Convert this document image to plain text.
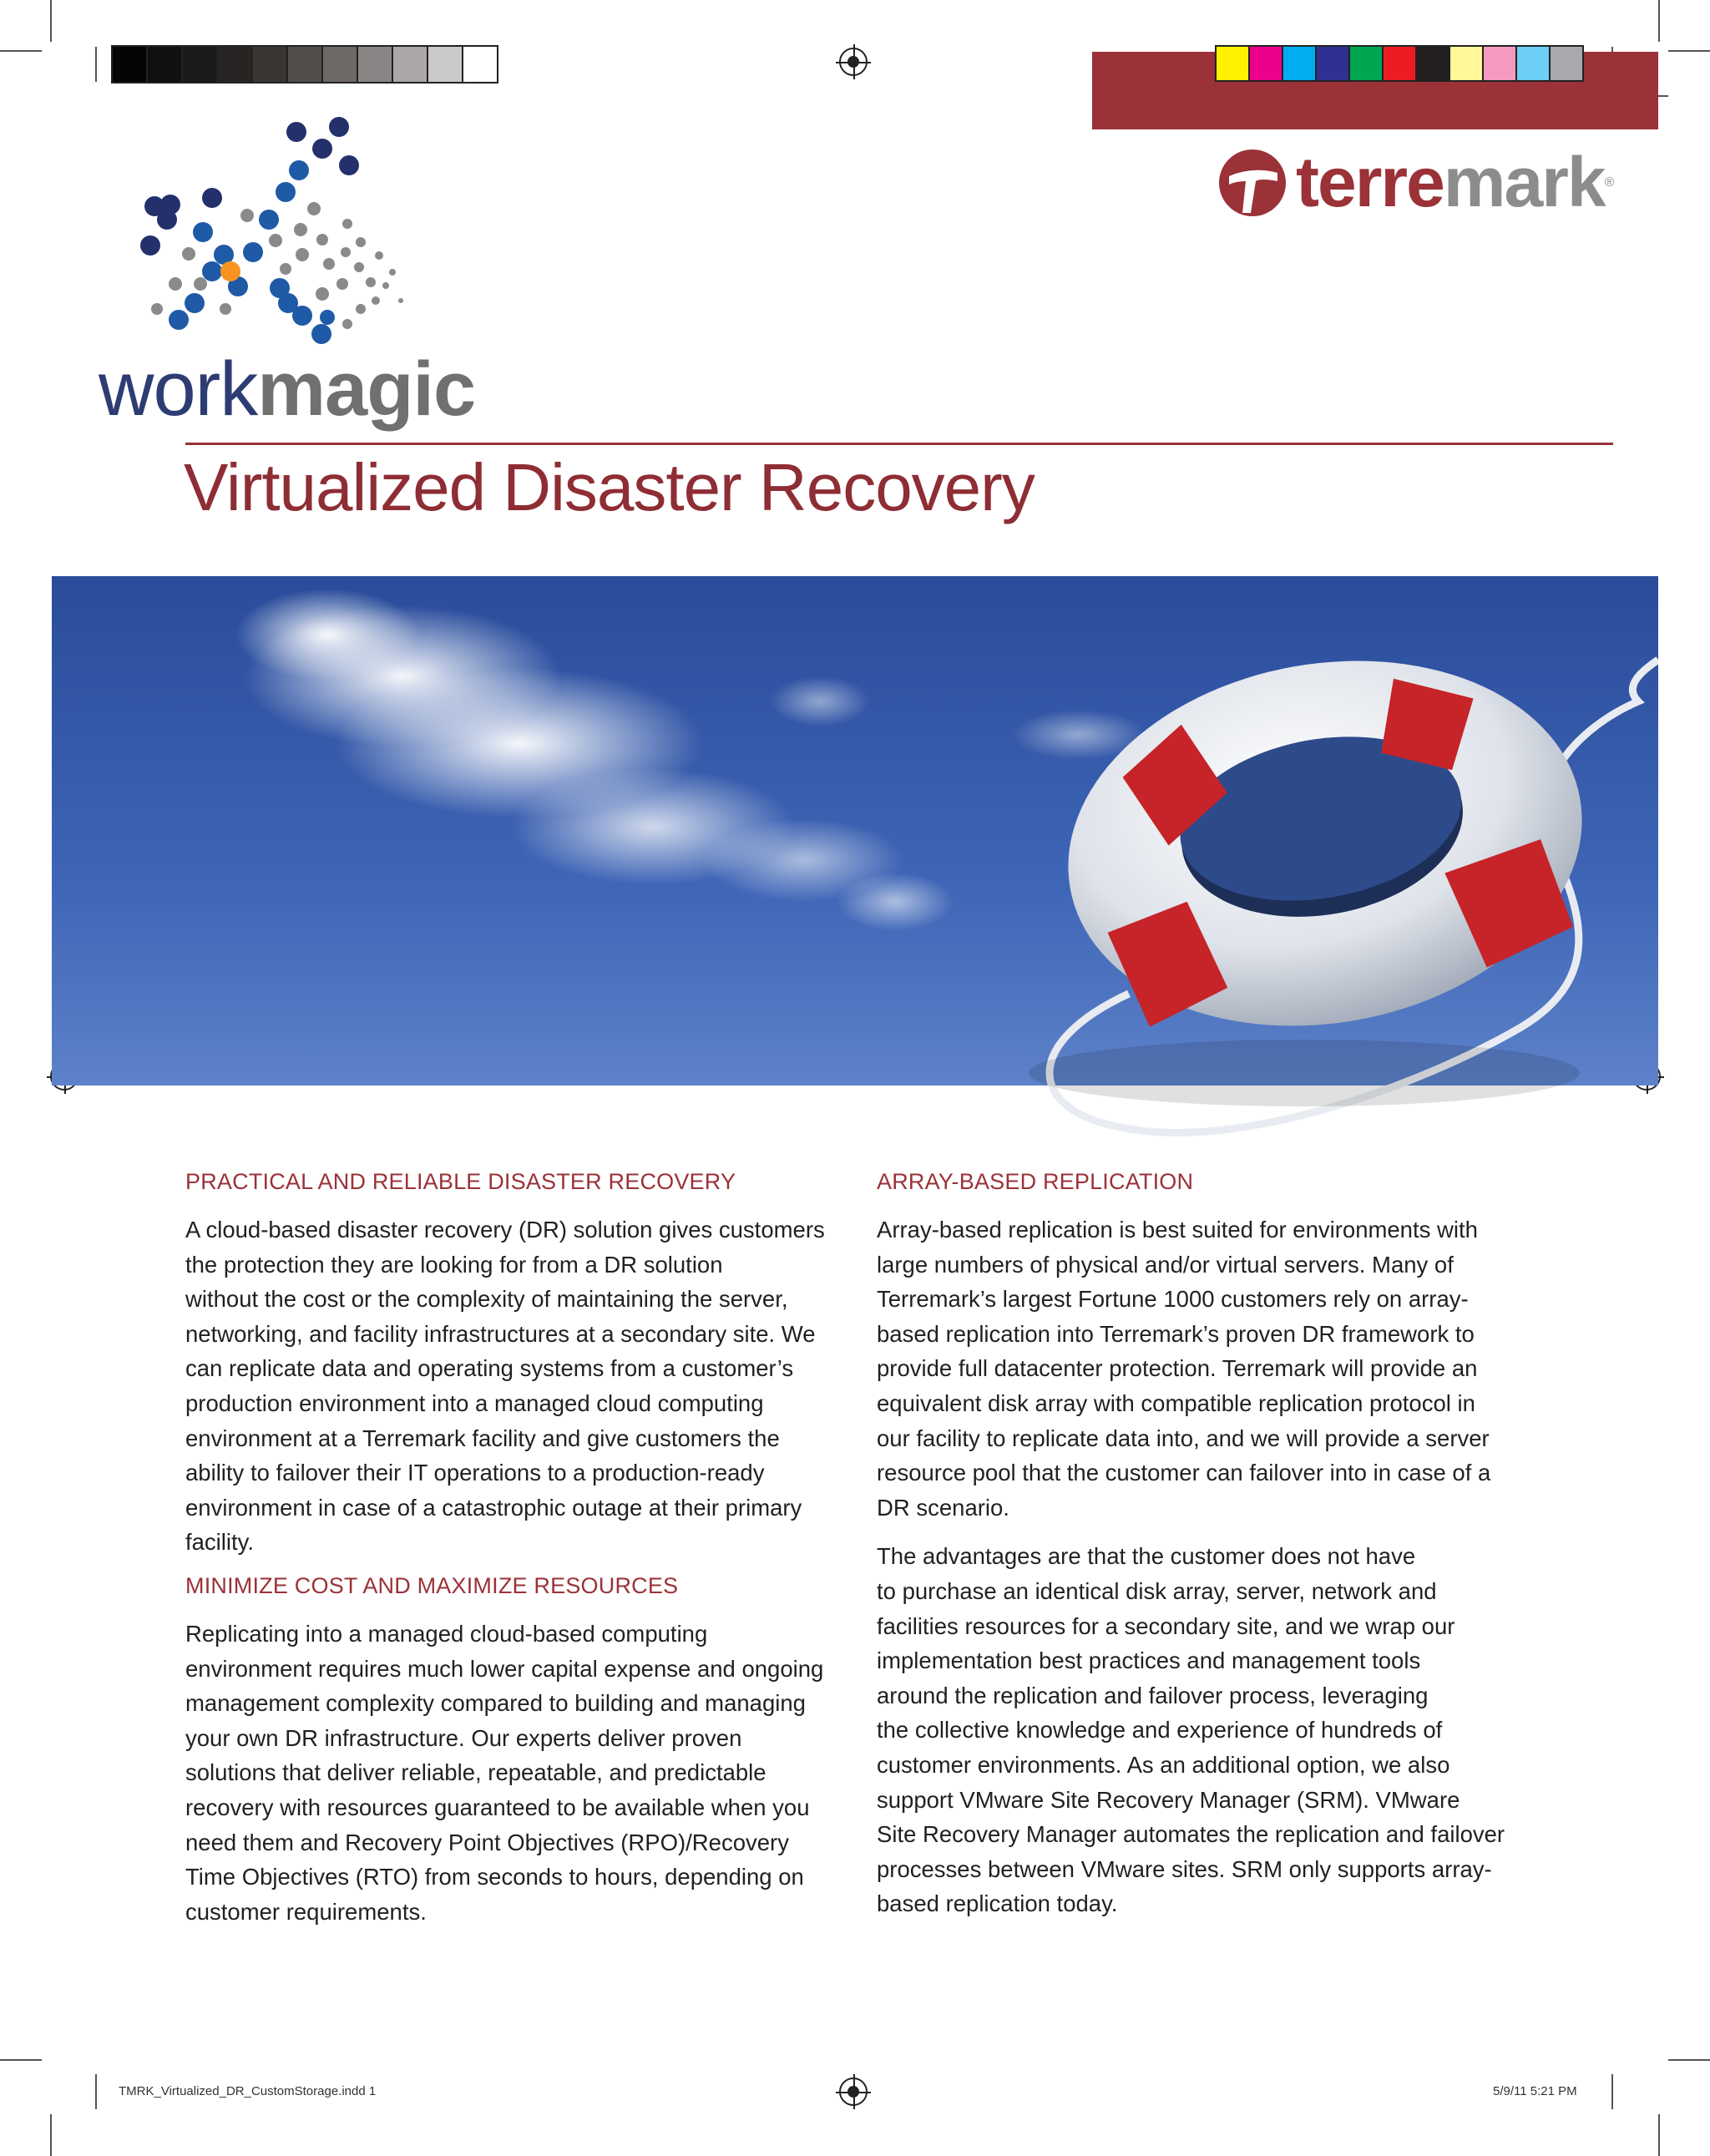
terremark ®
workmagic
Virtualized Disaster Recovery
PRACTICAL AND RELIABLE DISASTER RECOVERY

A cloud-based disaster recovery (DR) solution gives customers
the protection they are looking for from a DR solution
without the cost or the complexity of maintaining the server,
networking, and facility infrastructures at a secondary site. We
can replicate data and operating systems from a customer’s
production environment into a managed cloud computing
environment at a Terremark facility and give customers the
ability to failover their IT operations to a production-ready
environment in case of a catastrophic outage at their primary
facility.

MINIMIZE COST AND MAXIMIZE RESOURCES

Replicating into a managed cloud-based computing
environment requires much lower capital expense and ongoing
management complexity compared to building and managing
your own DR infrastructure. Our experts deliver proven
solutions that deliver reliable, repeatable, and predictable
recovery with resources guaranteed to be available when you
need them and Recovery Point Objectives (RPO)/Recovery
Time Objectives (RTO) from seconds to hours, depending on
customer requirements.

ARRAY-BASED REPLICATION

Array-based replication is best suited for environments with
large numbers of physical and/or virtual servers. Many of
Terremark’s largest Fortune 1000 customers rely on array-
based replication into Terremark’s proven DR framework to
provide full datacenter protection. Terremark will provide an
equivalent disk array with compatible replication protocol in
our facility to replicate data into, and we will provide a server
resource pool that the customer can failover into in case of a
DR scenario.

The advantages are that the customer does not have
to purchase an identical disk array, server, network and
facilities resources for a secondary site, and we wrap our
implementation best practices and management tools
around the replication and failover process, leveraging
the collective knowledge and experience of hundreds of
customer environments. As an additional option, we also
support VMware Site Recovery Manager (SRM). VMware
Site Recovery Manager automates the replication and failover
processes between VMware sites. SRM only supports array-
based replication today.

TMRK_Virtualized_DR_CustomStorage.indd 1	5/9/11 5:21 PM
